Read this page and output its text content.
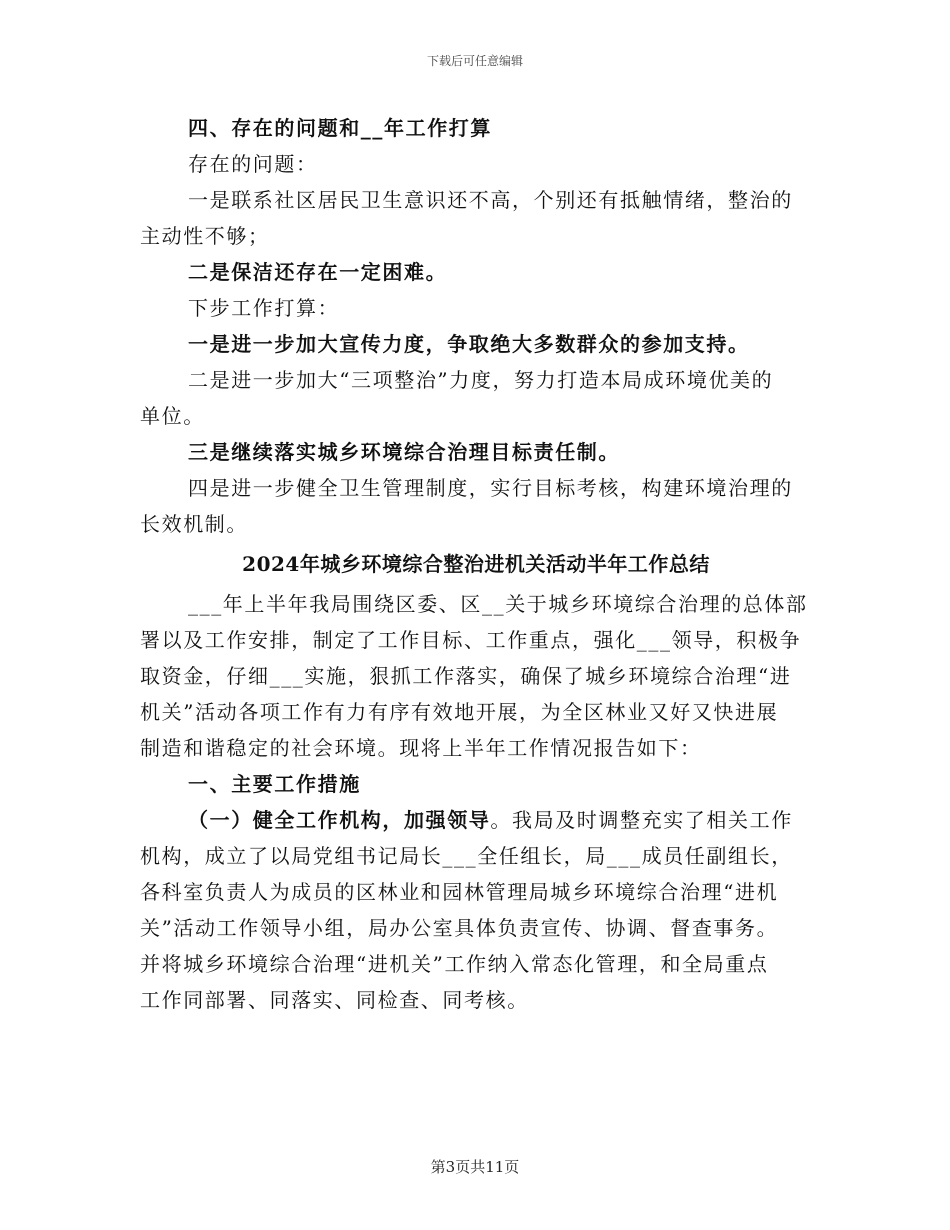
下载后可任意编辑
四、存在的问题和__年工作打算
存在的问题：
一是联系社区居民卫生意识还不高，个别还有抵触情绪，整治的
主动性不够；
二是保洁还存在一定困难。
下步工作打算：
一是进一步加大宣传力度，争取绝大多数群众的参加支持。
二是进一步加大“三项整治”力度，努力打造本局成环境优美的
单位。
三是继续落实城乡环境综合治理目标责任制。
四是进一步健全卫生管理制度，实行目标考核，构建环境治理的
长效机制。
2024年城乡环境综合整治进机关活动半年工作总结
___年上半年我局围绕区委、区__关于城乡环境综合治理的总体部
署以及工作安排，制定了工作目标、工作重点，强化___领导，积极争
取资金，仔细___实施，狠抓工作落实，确保了城乡环境综合治理“进
机关”活动各项工作有力有序有效地开展，为全区林业又好又快进展
制造和谐稳定的社会环境。现将上半年工作情况报告如下：
一、主要工作措施
（一）健全工作机构，加强领导。我局及时调整充实了相关工作
机构，成立了以局党组书记局长___全任组长，局___成员任副组长，
各科室负责人为成员的区林业和园林管理局城乡环境综合治理“进机
关”活动工作领导小组，局办公室具体负责宣传、协调、督查事务。
并将城乡环境综合治理“进机关”工作纳入常态化管理，和全局重点
工作同部署、同落实、同检查、同考核。
第3页共11页
